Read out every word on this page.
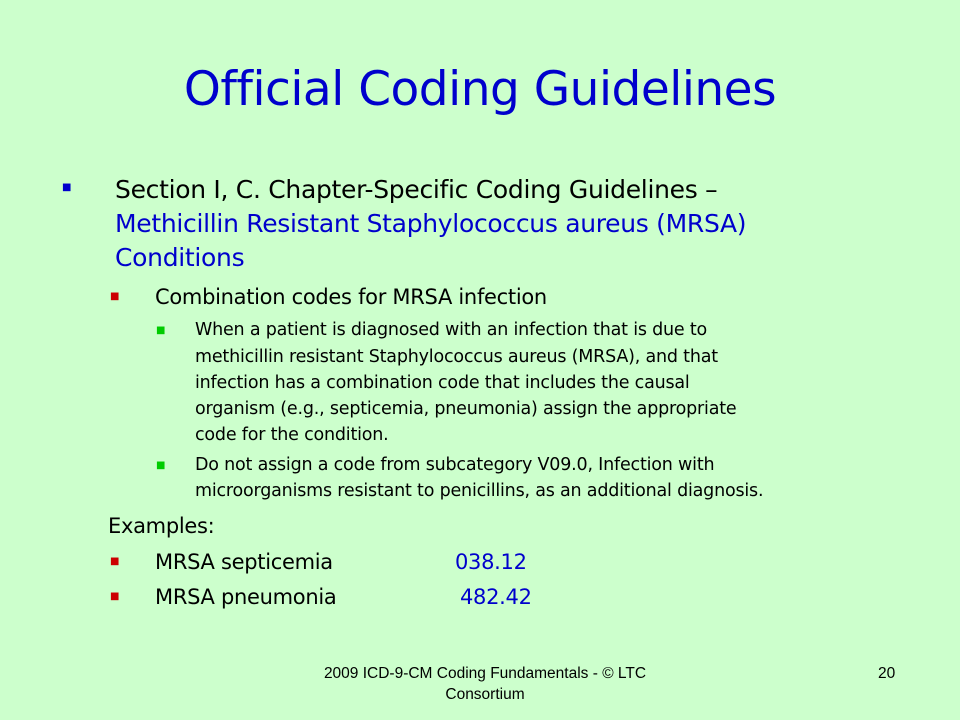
Official Coding Guidelines
■ Section I, C. Chapter-Specific Coding Guidelines –
Methicillin Resistant Staphylococcus aureus (MRSA)
Conditions
■ Combination codes for MRSA infection
■ When a patient is diagnosed with an infection that is due to
methicillin resistant Staphylococcus aureus (MRSA), and that
infection has a combination code that includes the causal
organism (e.g., septicemia, pneumonia) assign the appropriate
code for the condition.
■ Do not assign a code from subcategory V09.0, Infection with
microorganisms resistant to penicillins, as an additional diagnosis.
Examples:
■ MRSA septicemia	038.12
■ MRSA pneumonia	482.42
2009 ICD-9-CM Coding Fundamentals - © LTC
Consortium
20
